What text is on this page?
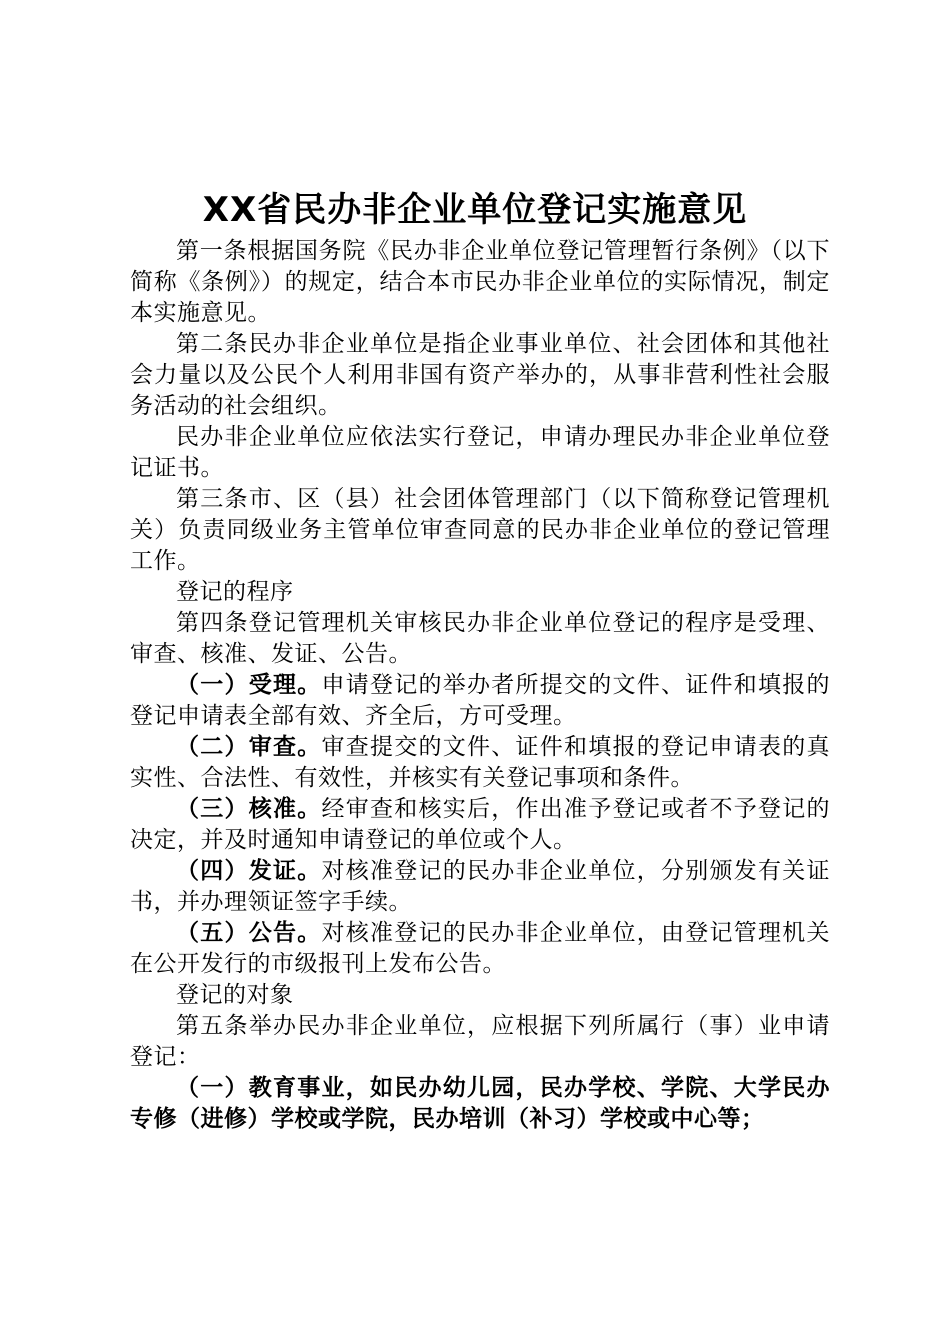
XX省民办非企业单位登记实施意见

第一条根据国务院《民办非企业单位登记管理暂行条例》（以下简称《条例》）的规定，结合本市民办非企业单位的实际情况，制定本实施意见。

第二条民办非企业单位是指企业事业单位、社会团体和其他社会力量以及公民个人利用非国有资产举办的，从事非营利性社会服务活动的社会组织。

民办非企业单位应依法实行登记，申请办理民办非企业单位登记证书。

第三条市、区（县）社会团体管理部门（以下简称登记管理机关）负责同级业务主管单位审查同意的民办非企业单位的登记管理工作。

登记的程序

第四条登记管理机关审核民办非企业单位登记的程序是受理、审查、核准、发证、公告。

（一）受理。申请登记的举办者所提交的文件、证件和填报的登记申请表全部有效、齐全后，方可受理。

（二）审查。审查提交的文件、证件和填报的登记申请表的真实性、合法性、有效性，并核实有关登记事项和条件。

（三）核准。经审查和核实后，作出准予登记或者不予登记的决定，并及时通知申请登记的单位或个人。

（四）发证。对核准登记的民办非企业单位，分别颁发有关证书，并办理领证签字手续。

（五）公告。对核准登记的民办非企业单位，由登记管理机关在公开发行的市级报刊上发布公告。

登记的对象

第五条举办民办非企业单位，应根据下列所属行（事）业申请登记：

（一）教育事业，如民办幼儿园，民办学校、学院、大学民办专修（进修）学校或学院，民办培训（补习）学校或中心等；
